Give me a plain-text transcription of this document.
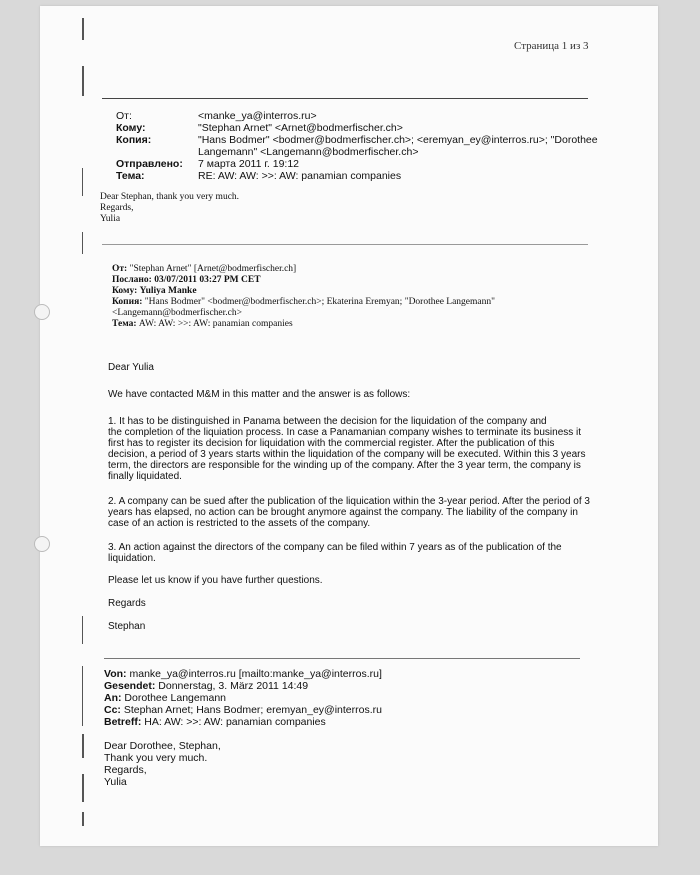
Страница 1 из 3
От:	<manke_ya@interros.ru>
Кому:	"Stephan Arnet" <Arnet@bodmerfischer.ch>
Копия:	"Hans Bodmer" <bodmer@bodmerfischer.ch>; <eremyan_ey@interros.ru>; "Dorothee
Langemann" <Langemann@bodmerfischer.ch>
Отправлено: 7 марта 2011 г. 19:12
Тема:	RE: AW: AW: >>: AW: panamian companies
Dear Stephan, thank you very much.
Regards,
Yulia
От: "Stephan Arnet" [Arnet@bodmerfischer.ch]
Послано: 03/07/2011 03:27 PM CET
Кому: Yuliya Manke
Копия: "Hans Bodmer" <bodmer@bodmerfischer.ch>; Ekaterina Eremyan; "Dorothee Langemann"
<Langemann@bodmerfischer.ch>
Тема: AW: AW: >>: AW: panamian companies
Dear Yulia
We have contacted M&M in this matter and the answer is as follows:
1. It has to be distinguished in Panama between the decision for the liquidation of the company and
the completion of the liquiation process. In case a Panamanian company wishes to terminate its business it
first has to register its decision for liquidation with the commercial register. After the publication of this
decision, a period of 3 years starts within the liquidation of the company will be executed. Within this 3 years
term, the directors are responsible for the winding up of the company. After the 3 year term, the company is
finally liquidated.
2. A company can be sued after the publication of the liquication within the 3-year period. After the period of 3
years has elapsed, no action can be brought anymore against the company. The liability of the company in
case of an action is restricted to the assets of the company.
3. An action against the directors of the company can be filed within 7 years as of the publication of the
liquidation.
Please let us know if you have further questions.
Regards
Stephan
Von: manke_ya@interros.ru [mailto:manke_ya@interros.ru]
Gesendet: Donnerstag, 3. März 2011 14:49
An: Dorothee Langemann
Cc: Stephan Arnet; Hans Bodmer; eremyan_ey@interros.ru
Betreff: HA: AW: >>: AW: panamian companies
Dear Dorothee, Stephan,
Thank you very much.
Regards,
Yulia
